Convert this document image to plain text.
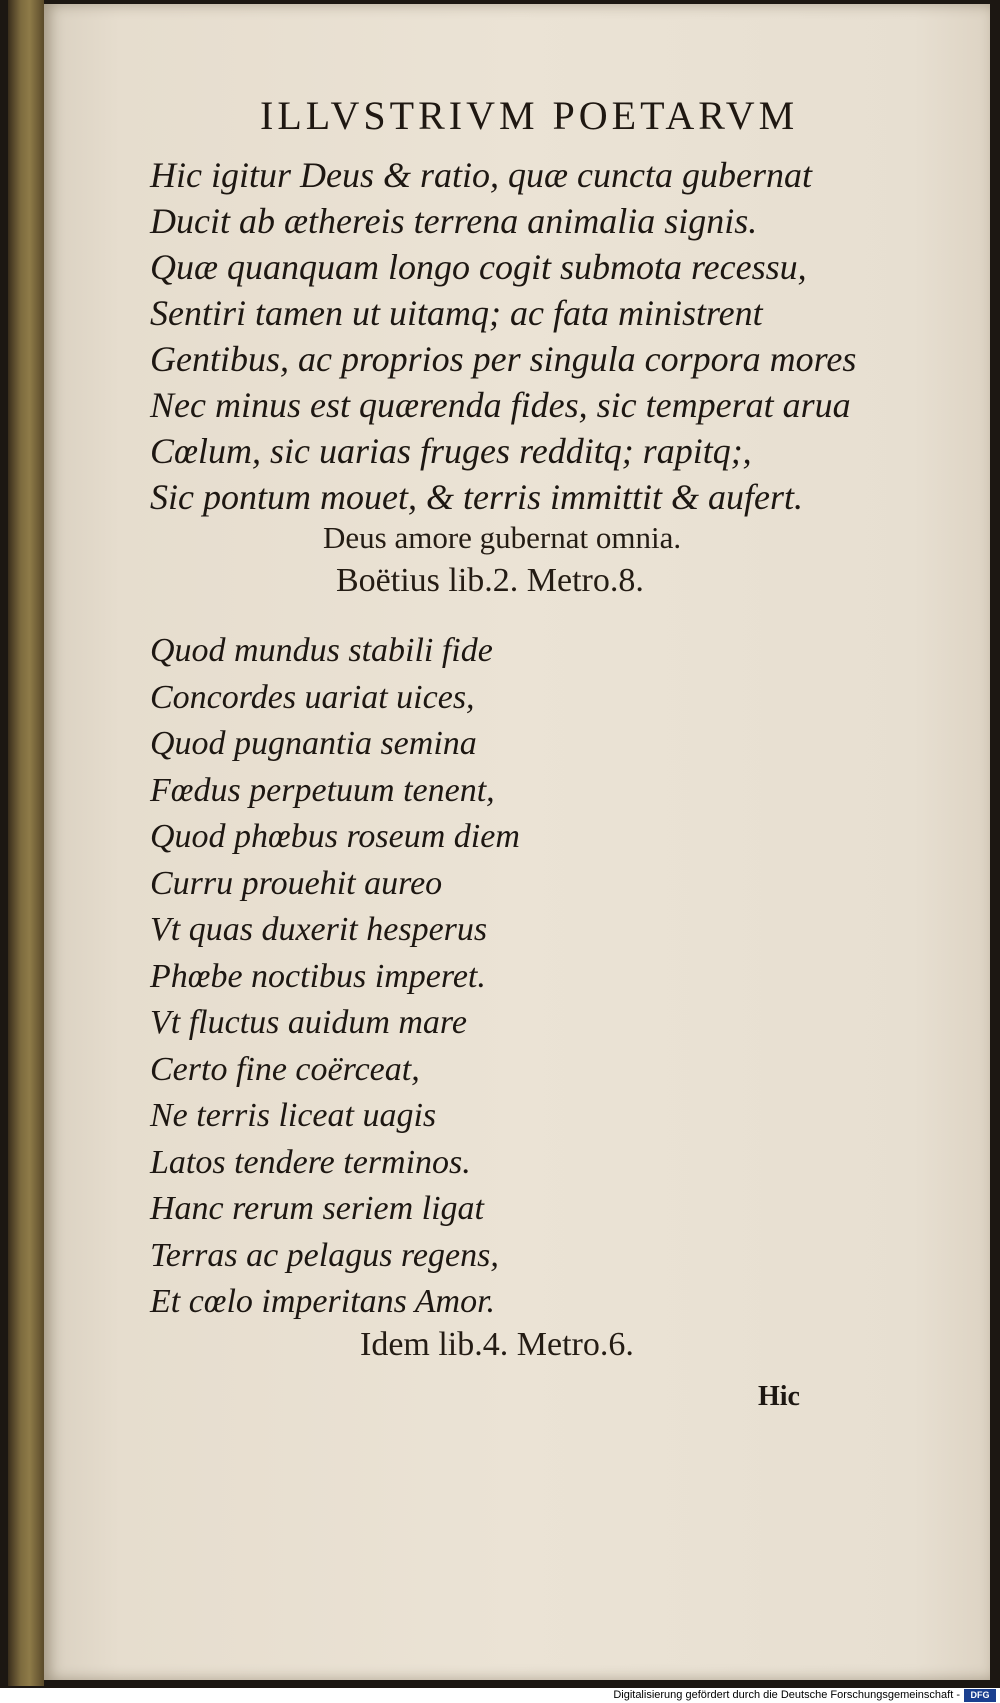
ILLVSTRIVM POETARVM
Hic igitur Deus & ratio, quæ cuncta gubernat
Ducit ab æthereis terrena animalia signis.
Quæ quanquam longo cogit submota recessu,
Sentiri tamen ut uitamq; ac fata ministrent
Gentibus, ac proprios per singula corpora mores
Nec minus est quærenda fides, sic temperat arua
Cœlum, sic uarias fruges redditq; rapitq;,
Sic pontum mouet, & terris immittit & aufert.
Deus amore gubernat omnia.
Boëtius lib.2. Metro.8.
Quod mundus stabili fide
Concordes uariat uices,
Quod pugnantia semina
Fœdus perpetuum tenent,
Quod phœbus roseum diem
Curru prouehit aureo
Vt quas duxerit hesperus
Phœbe noctibus imperet.
Vt fluctus auidum mare
Certo fine coërceat,
Ne terris liceat uagis
Latos tendere terminos.
Hanc rerum seriem ligat
Terras ac pelagus regens,
Et cœlo imperitans Amor.
Idem lib.4. Metro.6.
Hic
Digitalisierung gefördert durch die Deutsche Forschungsgemeinschaft -	DFG
